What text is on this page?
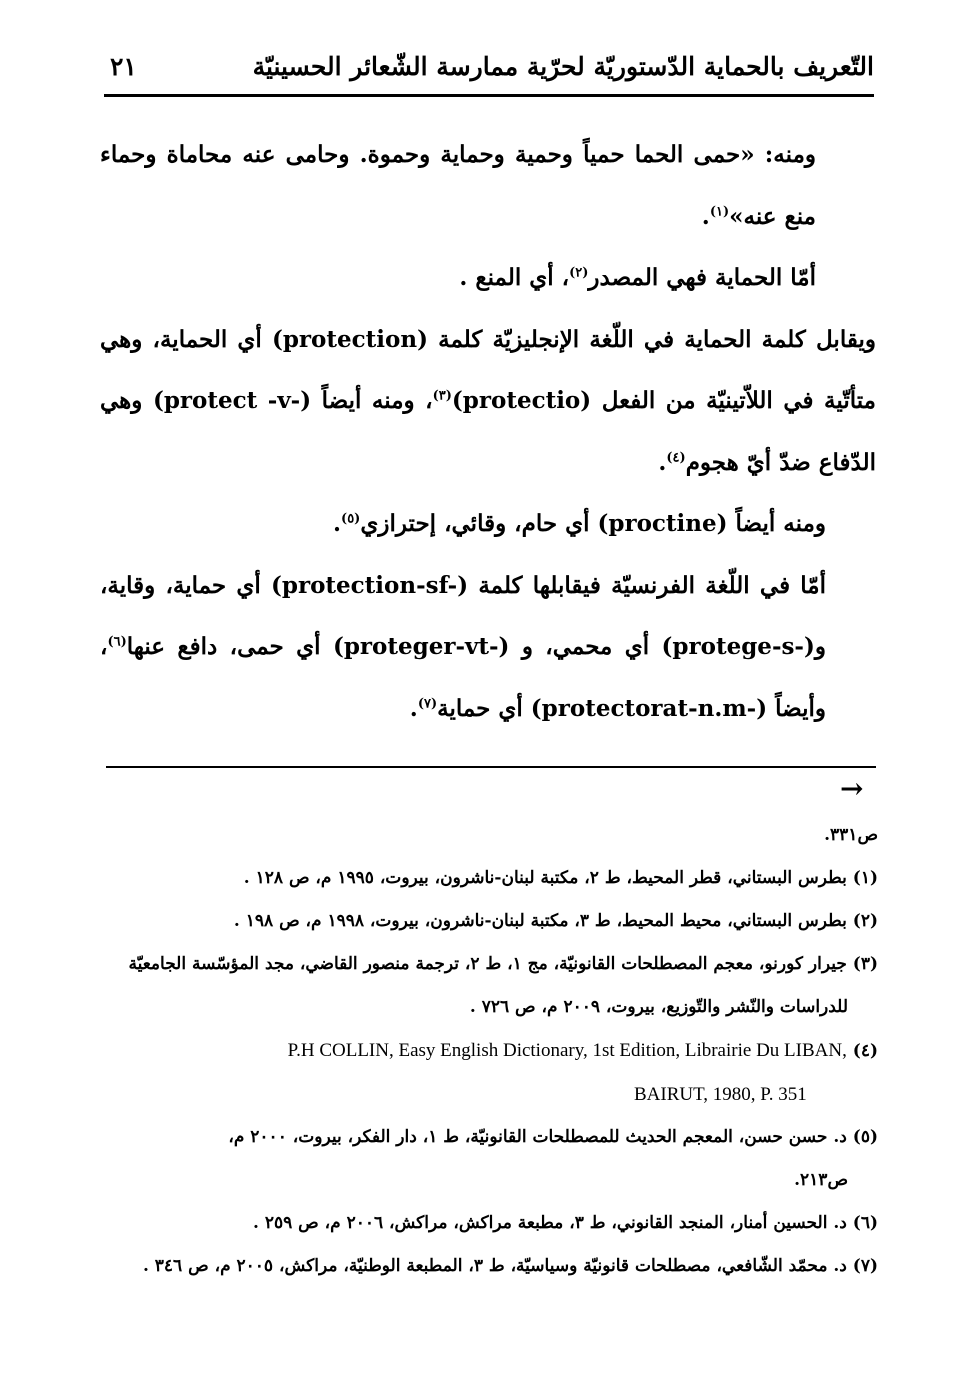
التّعريف بالحماية الدّستوريّة لحرّية ممارسة الشّعائر الحسينيّة
٢١

ومنه: «حمى الحما حمياً وحمية وحماية وحموة. وحامى عنه محاماة وحماء منع عنه»$^{(١)}$.

أمّا الحماية فهي المصدر$^{(٢)}$، أي المنع .

ويقابل كلمة الحماية في اللّغة الإنجليزيّة كلمة (protection) أي الحماية، وهي متأتّية في اللاّتينيّة من الفعل (protectio)$^{(٣)}$، ومنه أيضاً (protect -v-) وهي الدّفاع ضدّ أيّ هجوم$^{(٤)}$.

ومنه أيضاً (proctine) أي حام، وقائي، إحترازي$^{(٥)}$.

أمّا في اللّغة الفرنسيّة فيقابلها كلمة (protection-sf-) أي حماية، وقاية، و(protege-s-) أي محمي، و (proteger-vt-) أي حمى، دافع عنها$^{(٦)}$، وأيضاً (protectorat-n.m-) أي حماية$^{(٧)}$.

→

ص٣٣١.

(١) بطرس البستاني، قطر المحيط، ط ٢، مكتبة لبنان-ناشرون، بيروت، ١٩٩٥ م، ص ١٢٨ .

(٢) بطرس البستاني، محيط المحيط، ط ٣، مكتبة لبنان-ناشرون، بيروت، ١٩٩٨ م، ص ١٩٨ .

(٣) جيرار كورنو، معجم المصطلحات القانونيّة، مج ١، ط ٢، ترجمة منصور القاضي، مجد المؤسّسة الجامعيّة

للدراسات والنّشر والتّوزيع، بيروت، ٢٠٠٩ م، ص ٧٢٦ .

(٤) P.H COLLIN, Easy English Dictionary, 1st Edition, Librairie Du LIBAN,

BAIRUT, 1980, P. 351

(٥) د. حسن حسن، المعجم الحديث للمصطلحات القانونيّة، ط ١، دار الفكر، بيروت، ٢٠٠٠ م،

ص٢١٣.

(٦) د. الحسين أمنار، المنجد القانوني، ط ٣، مطبعة مراكش، مراكش، ٢٠٠٦ م، ص ٢٥٩ .

(٧) د. محمّد الشّافعي، مصطلحات قانونيّة وسياسيّة، ط ٣، المطبعة الوطنيّة، مراكش، ٢٠٠٥ م، ص ٣٤٦ .
